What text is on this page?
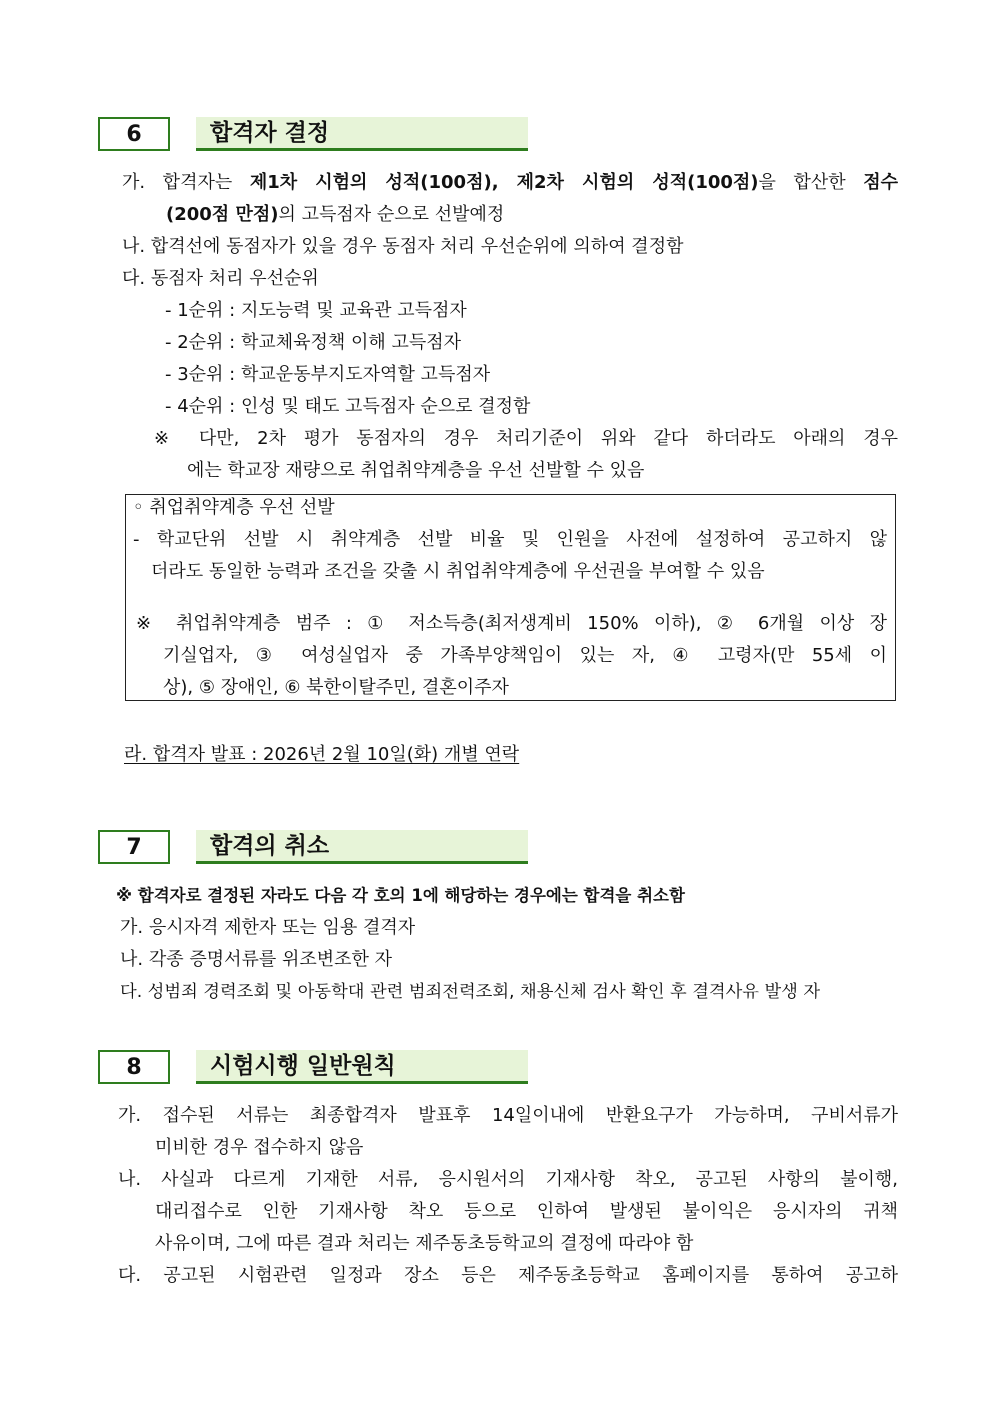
6	합격자 결정
가. 합격자는 제1차 시험의 성적(100점), 제2차 시험의 성적(100점)을 합산한 점수
(200점 만점)의 고득점자 순으로 선발예정
나. 합격선에 동점자가 있을 경우 동점자 처리 우선순위에 의하여 결정함
다. 동점자 처리 우선순위
- 1순위 : 지도능력 및 교육관 고득점자
- 2순위 : 학교체육정책 이해 고득점자
- 3순위 : 학교운동부지도자역할 고득점자
- 4순위 : 인성 및 태도 고득점자 순으로 결정함
※ 다만, 2차 평가 동점자의 경우 처리기준이 위와 같다 하더라도 아래의 경우
에는 학교장 재량으로 취업취약계층을 우선 선발할 수 있음
◦ 취업취약계층 우선 선발
- 학교단위 선발 시 취약계층 선발 비율 및 인원을 사전에 설정하여 공고하지 않
더라도 동일한 능력과 조건을 갖출 시 취업취약계층에 우선권을 부여할 수 있음
※ 취업취약계층 범주 : ① 저소득층(최저생계비 150% 이하), ② 6개월 이상 장
기실업자, ③ 여성실업자 중 가족부양책임이 있는 자, ④ 고령자(만 55세 이
상), ⑤ 장애인, ⑥ 북한이탈주민, 결혼이주자
라. 합격자 발표 : 2026년 2월 10일(화) 개별 연락
7	합격의 취소
※ 합격자로 결정된 자라도 다음 각 호의 1에 해당하는 경우에는 합격을 취소함
가. 응시자격 제한자 또는 임용 결격자
나. 각종 증명서류를 위조변조한 자
다. 성범죄 경력조회 및 아동학대 관련 범죄전력조회, 채용신체 검사 확인 후 결격사유 발생 자
8	시험시행 일반원칙
가. 접수된 서류는 최종합격자 발표후 14일이내에 반환요구가 가능하며, 구비서류가
미비한 경우 접수하지 않음
나. 사실과 다르게 기재한 서류, 응시원서의 기재사항 착오, 공고된 사항의 불이행,
대리접수로 인한 기재사항 착오 등으로 인하여 발생된 불이익은 응시자의 귀책
사유이며, 그에 따른 결과 처리는 제주동초등학교의 결정에 따라야 함
다. 공고된 시험관련 일정과 장소 등은 제주동초등학교 홈페이지를 통하여 공고하
